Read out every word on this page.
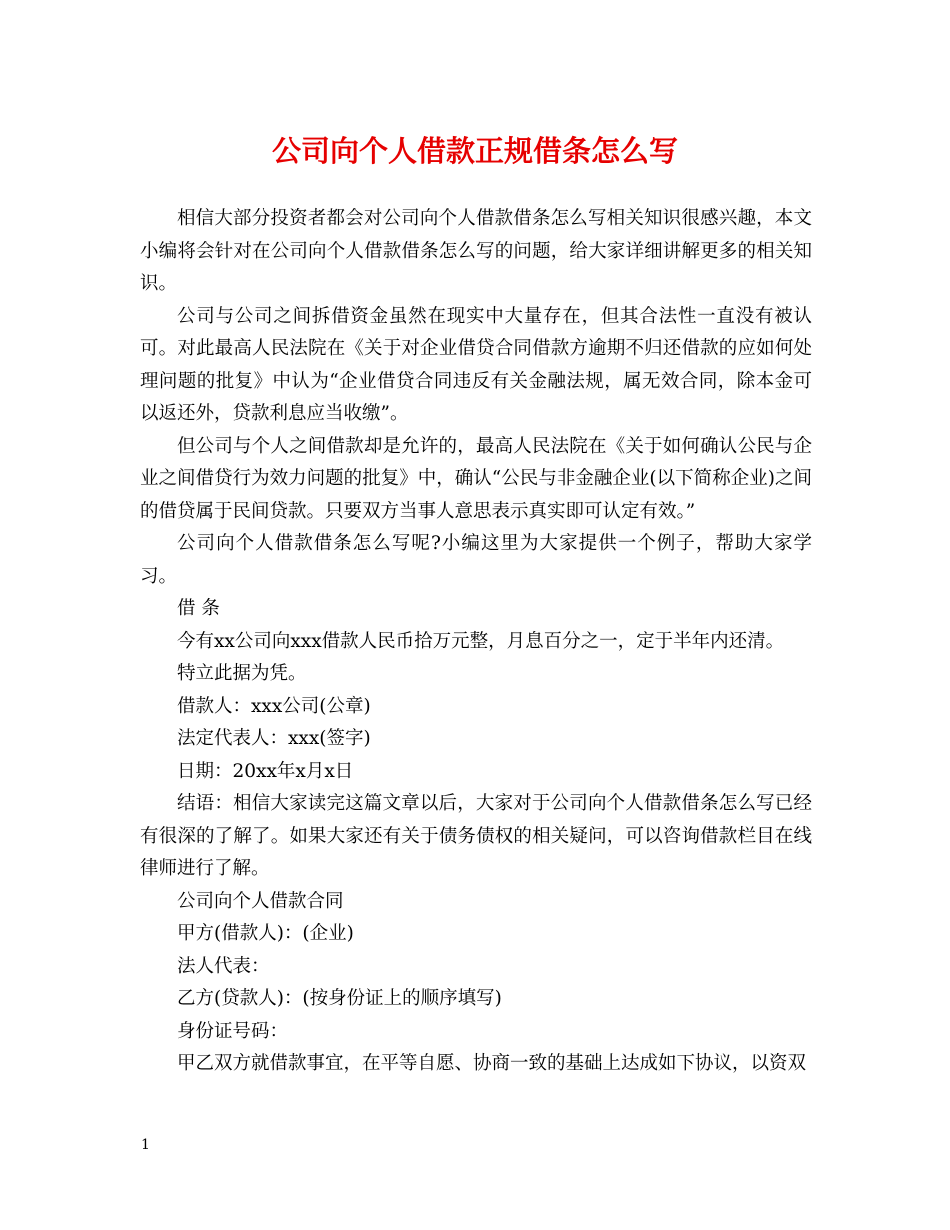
公司向个人借款正规借条怎么写

相信大部分投资者都会对公司向个人借款借条怎么写相关知识很感兴趣，本文小编将会针对在公司向个人借款借条怎么写的问题，给大家详细讲解更多的相关知识。

公司与公司之间拆借资金虽然在现实中大量存在，但其合法性一直没有被认可。对此最高人民法院在《关于对企业借贷合同借款方逾期不归还借款的应如何处理问题的批复》中认为“企业借贷合同违反有关金融法规，属无效合同，除本金可以返还外，贷款利息应当收缴”。

但公司与个人之间借款却是允许的，最高人民法院在《关于如何确认公民与企业之间借贷行为效力问题的批复》中，确认“公民与非金融企业(以下简称企业)之间的借贷属于民间贷款。只要双方当事人意思表示真实即可认定有效。”

公司向个人借款借条怎么写呢?小编这里为大家提供一个例子，帮助大家学习。

借 条

今有xx公司向xxx借款人民币拾万元整，月息百分之一，定于半年内还清。

特立此据为凭。

借款人：xxx公司(公章)

法定代表人：xxx(签字)

日期：20xx年x月x日

结语：相信大家读完这篇文章以后，大家对于公司向个人借款借条怎么写已经有很深的了解了。如果大家还有关于债务债权的相关疑问，可以咨询借款栏目在线律师进行了解。

公司向个人借款合同

甲方(借款人)：(企业)

法人代表：

乙方(贷款人)：(按身份证上的顺序填写)

身份证号码：

甲乙双方就借款事宜，在平等自愿、协商一致的基础上达成如下协议，以资双

1
